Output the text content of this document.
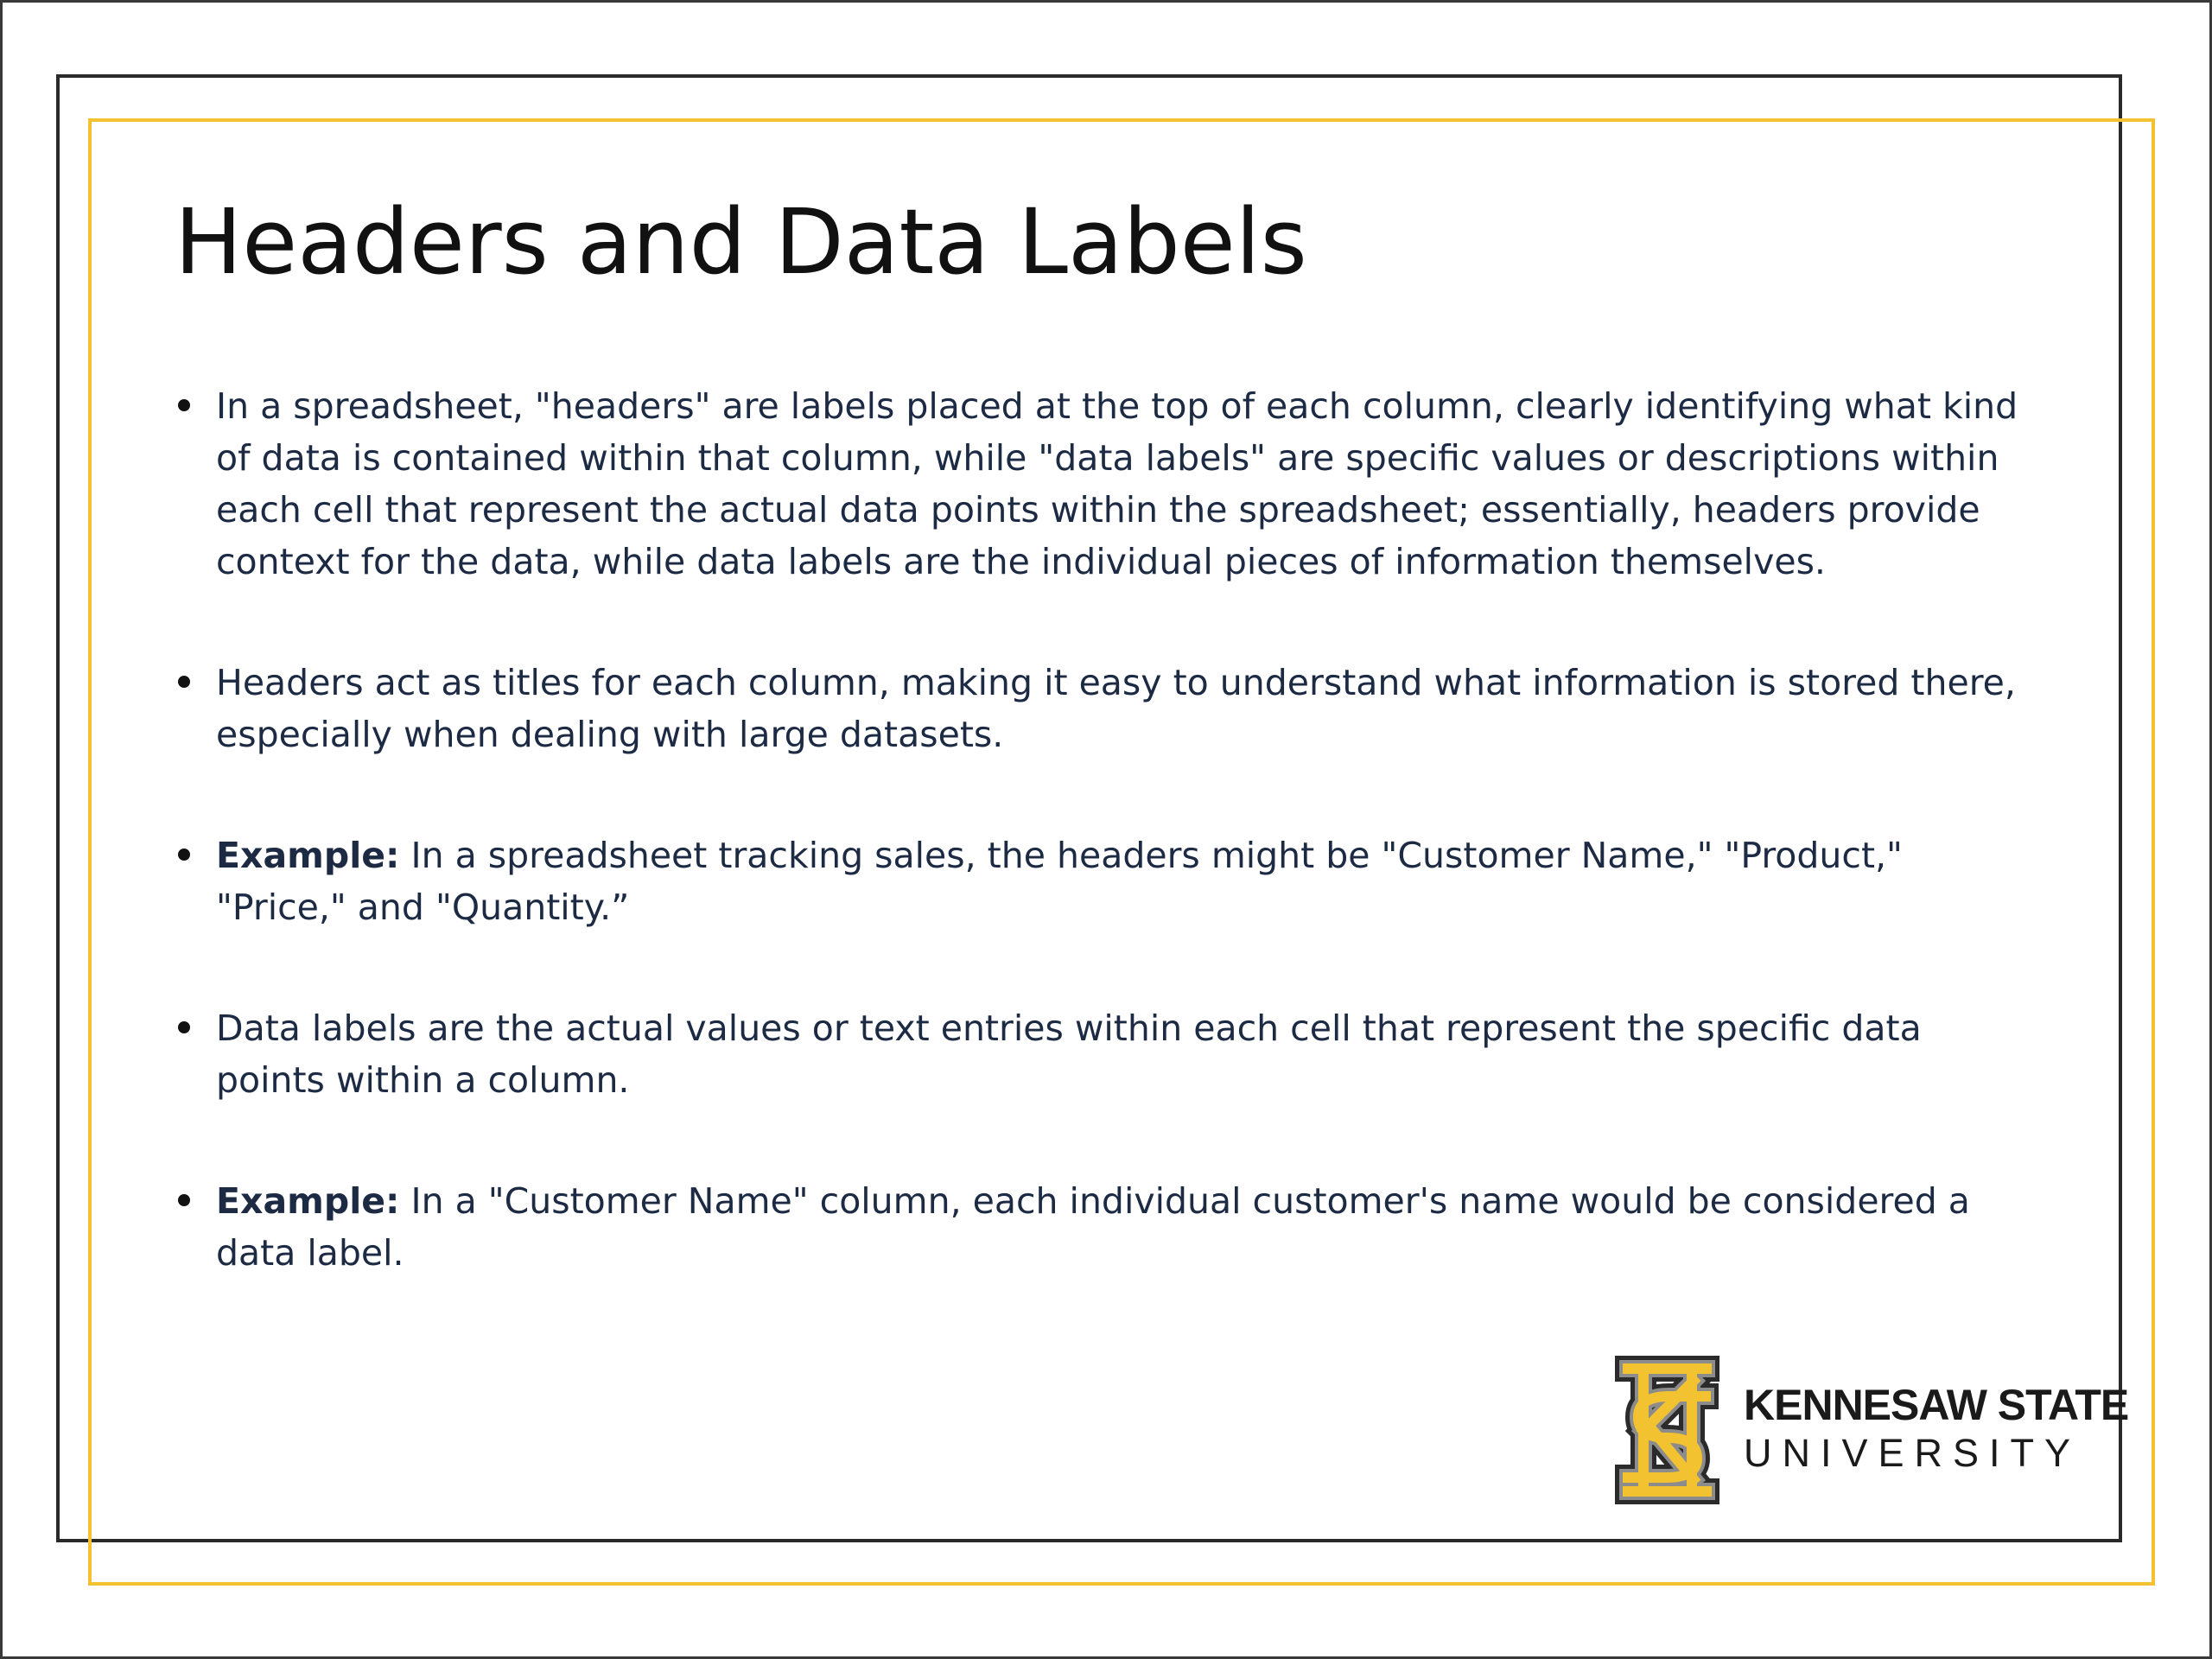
Headers and Data Labels
In a spreadsheet, "headers" are labels placed at the top of each column, clearly identifying what kind of data is contained within that column, while "data labels" are specific values or descriptions within each cell that represent the actual data points within the spreadsheet; essentially, headers provide context for the data, while data labels are the individual pieces of information themselves.
Headers act as titles for each column, making it easy to understand what information is stored there, especially when dealing with large datasets.
Example: In a spreadsheet tracking sales, the headers might be "Customer Name," "Product," "Price," and "Quantity.”
Data labels are the actual values or text entries within each cell that represent the specific data points within a column.
Example: In a "Customer Name" column, each individual customer's name would be considered a data label.
KENNESAW STATE
UNIVERSITY
